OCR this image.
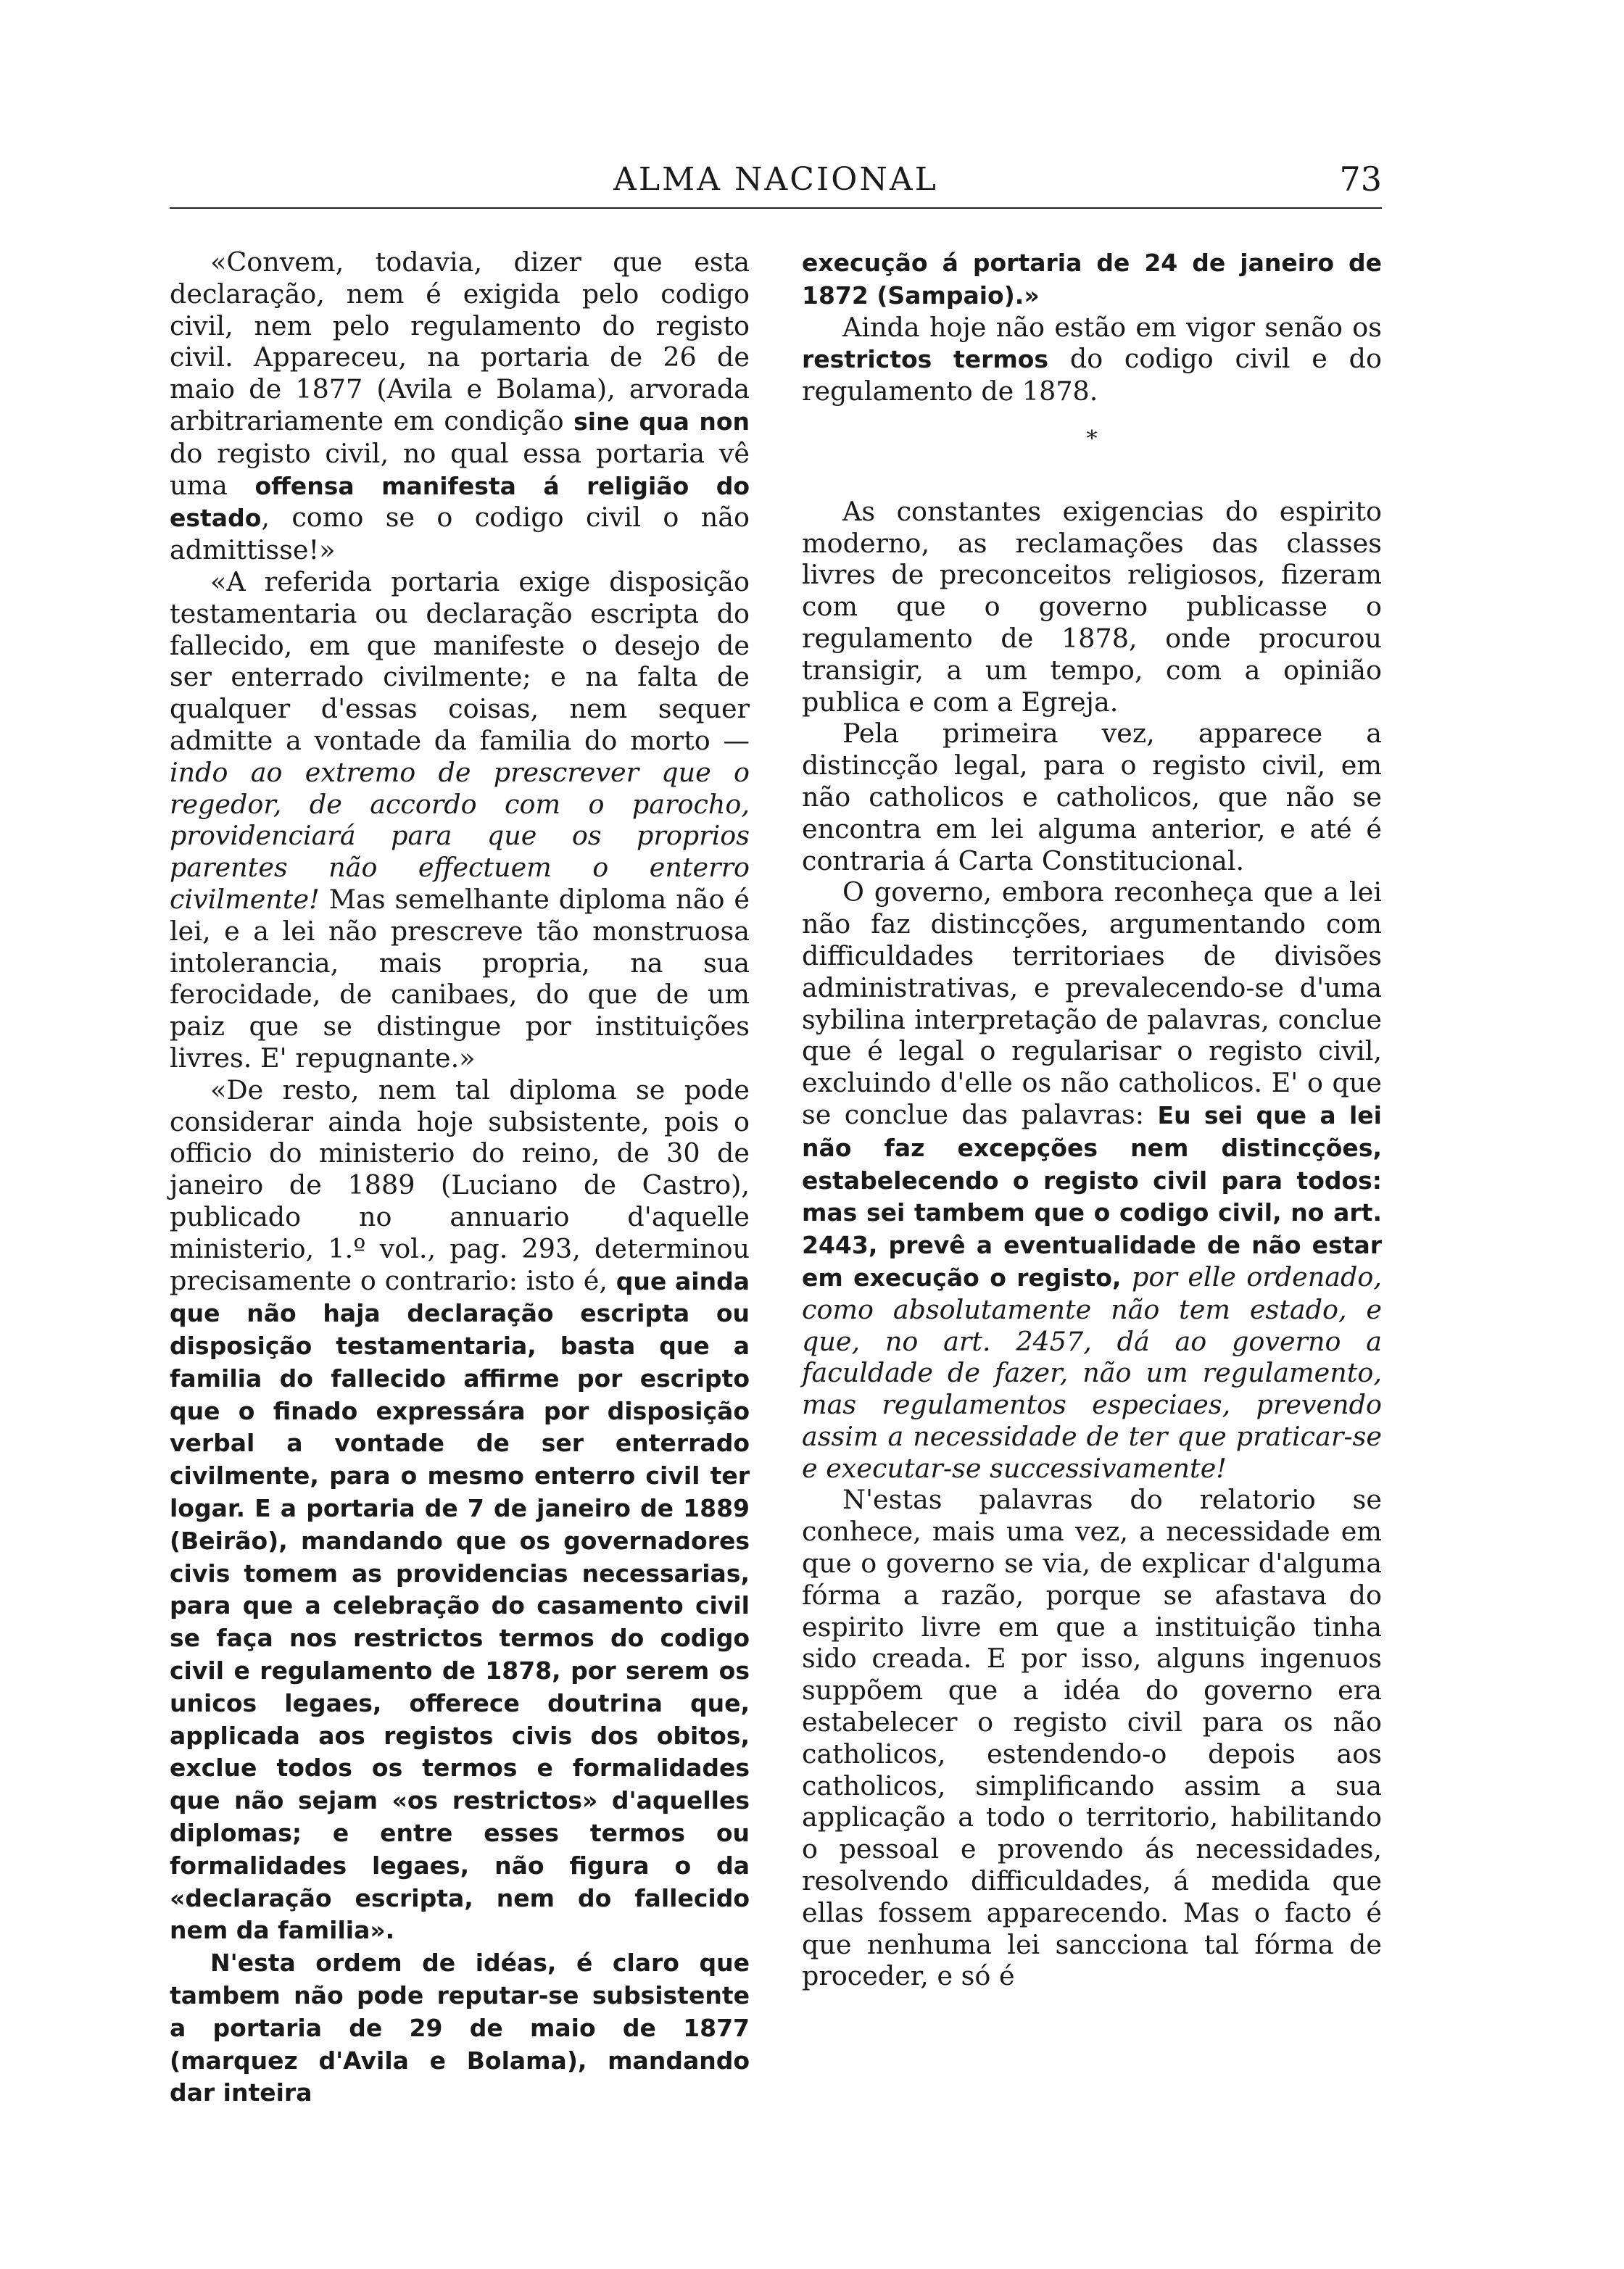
ALMA NACIONAL	73

«Convem, todavia, dizer que esta declaração, nem é exigida pelo codigo civil, nem pelo regulamento do registo civil. Appareceu, na portaria de 26 de maio de 1877 (Avila e Bolama), arvorada arbitrariamente em condição sine qua non do registo civil, no qual essa portaria vê uma offensa manifesta á religião do estado, como se o codigo civil o não admittisse!»

«A referida portaria exige disposição testamentaria ou declaração escripta do fallecido, em que manifeste o desejo de ser enterrado civilmente; e na falta de qualquer d'essas coisas, nem sequer admitte a vontade da familia do morto — indo ao extremo de prescrever que o regedor, de accordo com o parocho, providenciará para que os proprios parentes não effectuem o enterro civilmente! Mas semelhante diploma não é lei, e a lei não prescreve tão monstruosa intolerancia, mais propria, na sua ferocidade, de canibaes, do que de um paiz que se distingue por instituições livres. E' repugnante.»

«De resto, nem tal diploma se pode considerar ainda hoje subsistente, pois o officio do ministerio do reino, de 30 de janeiro de 1889 (Luciano de Castro), publicado no annuario d'aquelle ministerio, 1.º vol., pag. 293, determinou precisamente o contrario: isto é, que ainda que não haja declaração escripta ou disposição testamentaria, basta que a familia do fallecido affirme por escripto que o finado expressára por disposição verbal a vontade de ser enterrado civilmente, para o mesmo enterro civil ter logar. E a portaria de 7 de janeiro de 1889 (Beirão), mandando que os governadores civis tomem as providencias necessarias, para que a celebração do casamento civil se faça nos restrictos termos do codigo civil e regulamento de 1878, por serem os unicos legaes, offerece doutrina que, applicada aos registos civis dos obitos, exclue todos os termos e formalidades que não sejam «os restrictos» d'aquelles diplomas; e entre esses termos ou formalidades legaes, não figura o da «declaração escripta, nem do fallecido nem da familia».

N'esta ordem de idéas, é claro que tambem não pode reputar-se subsistente a portaria de 29 de maio de 1877 (marquez d'Avila e Bolama), mandando dar inteira

execução á portaria de 24 de janeiro de 1872 (Sampaio).»

Ainda hoje não estão em vigor senão os restrictos termos do codigo civil e do regulamento de 1878.

*

As constantes exigencias do espirito moderno, as reclamações das classes livres de preconceitos religiosos, fizeram com que o governo publicasse o regulamento de 1878, onde procurou transigir, a um tempo, com a opinião publica e com a Egreja.

Pela primeira vez, apparece a distincção legal, para o registo civil, em não catholicos e catholicos, que não se encontra em lei alguma anterior, e até é contraria á Carta Constitucional.

O governo, embora reconheça que a lei não faz distincções, argumentando com difficuldades territoriaes de divisões administrativas, e prevalecendo-se d'uma sybilina interpretação de palavras, conclue que é legal o regularisar o registo civil, excluindo d'elle os não catholicos. E' o que se conclue das palavras: Eu sei que a lei não faz excepções nem distincções, estabelecendo o registo civil para todos: mas sei tambem que o codigo civil, no art. 2443, prevê a eventualidade de não estar em execução o registo, por elle ordenado, como absolutamente não tem estado, e que, no art. 2457, dá ao governo a faculdade de fazer, não um regulamento, mas regulamentos especiaes, prevendo assim a necessidade de ter que praticar-se e executar-se successivamente!

N'estas palavras do relatorio se conhece, mais uma vez, a necessidade em que o governo se via, de explicar d'alguma fórma a razão, porque se afastava do espirito livre em que a instituição tinha sido creada. E por isso, alguns ingenuos suppõem que a idéa do governo era estabelecer o registo civil para os não catholicos, estendendo-o depois aos catholicos, simplificando assim a sua applicação a todo o territorio, habilitando o pessoal e provendo ás necessidades, resolvendo difficuldades, á medida que ellas fossem apparecendo. Mas o facto é que nenhuma lei sancciona tal fórma de proceder, e só é
